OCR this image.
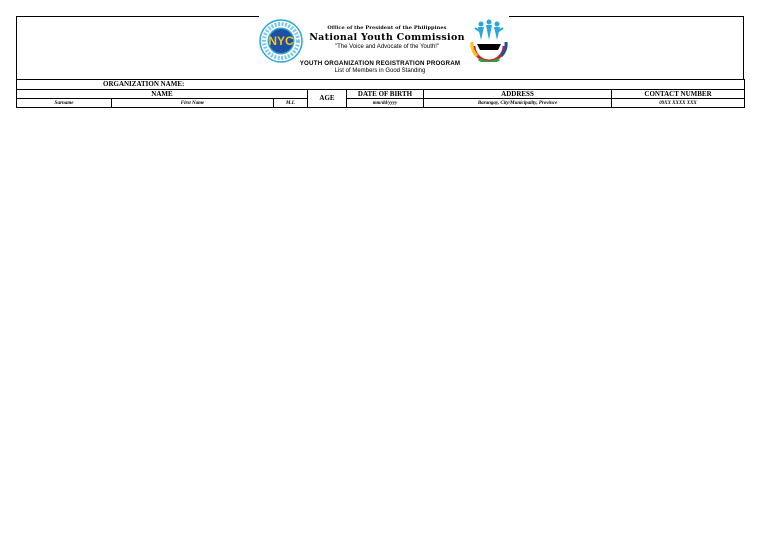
NYC
Office of the President of the Philippines
National Youth Commission
"The Voice and Advocate of the Youth!"
YOUTH ORGANIZATION REGISTRATION PROGRAM
List of Members in Good Standing
ORGANIZATION NAME:						
NAME			AGE	DATE OF BIRTH	ADDRESS	CONTACT NUMBER
Surname	First Name	M.I.		mm/dd/yyyy	Barangay, City/Municipality, Province	09XX XXXX XXX
